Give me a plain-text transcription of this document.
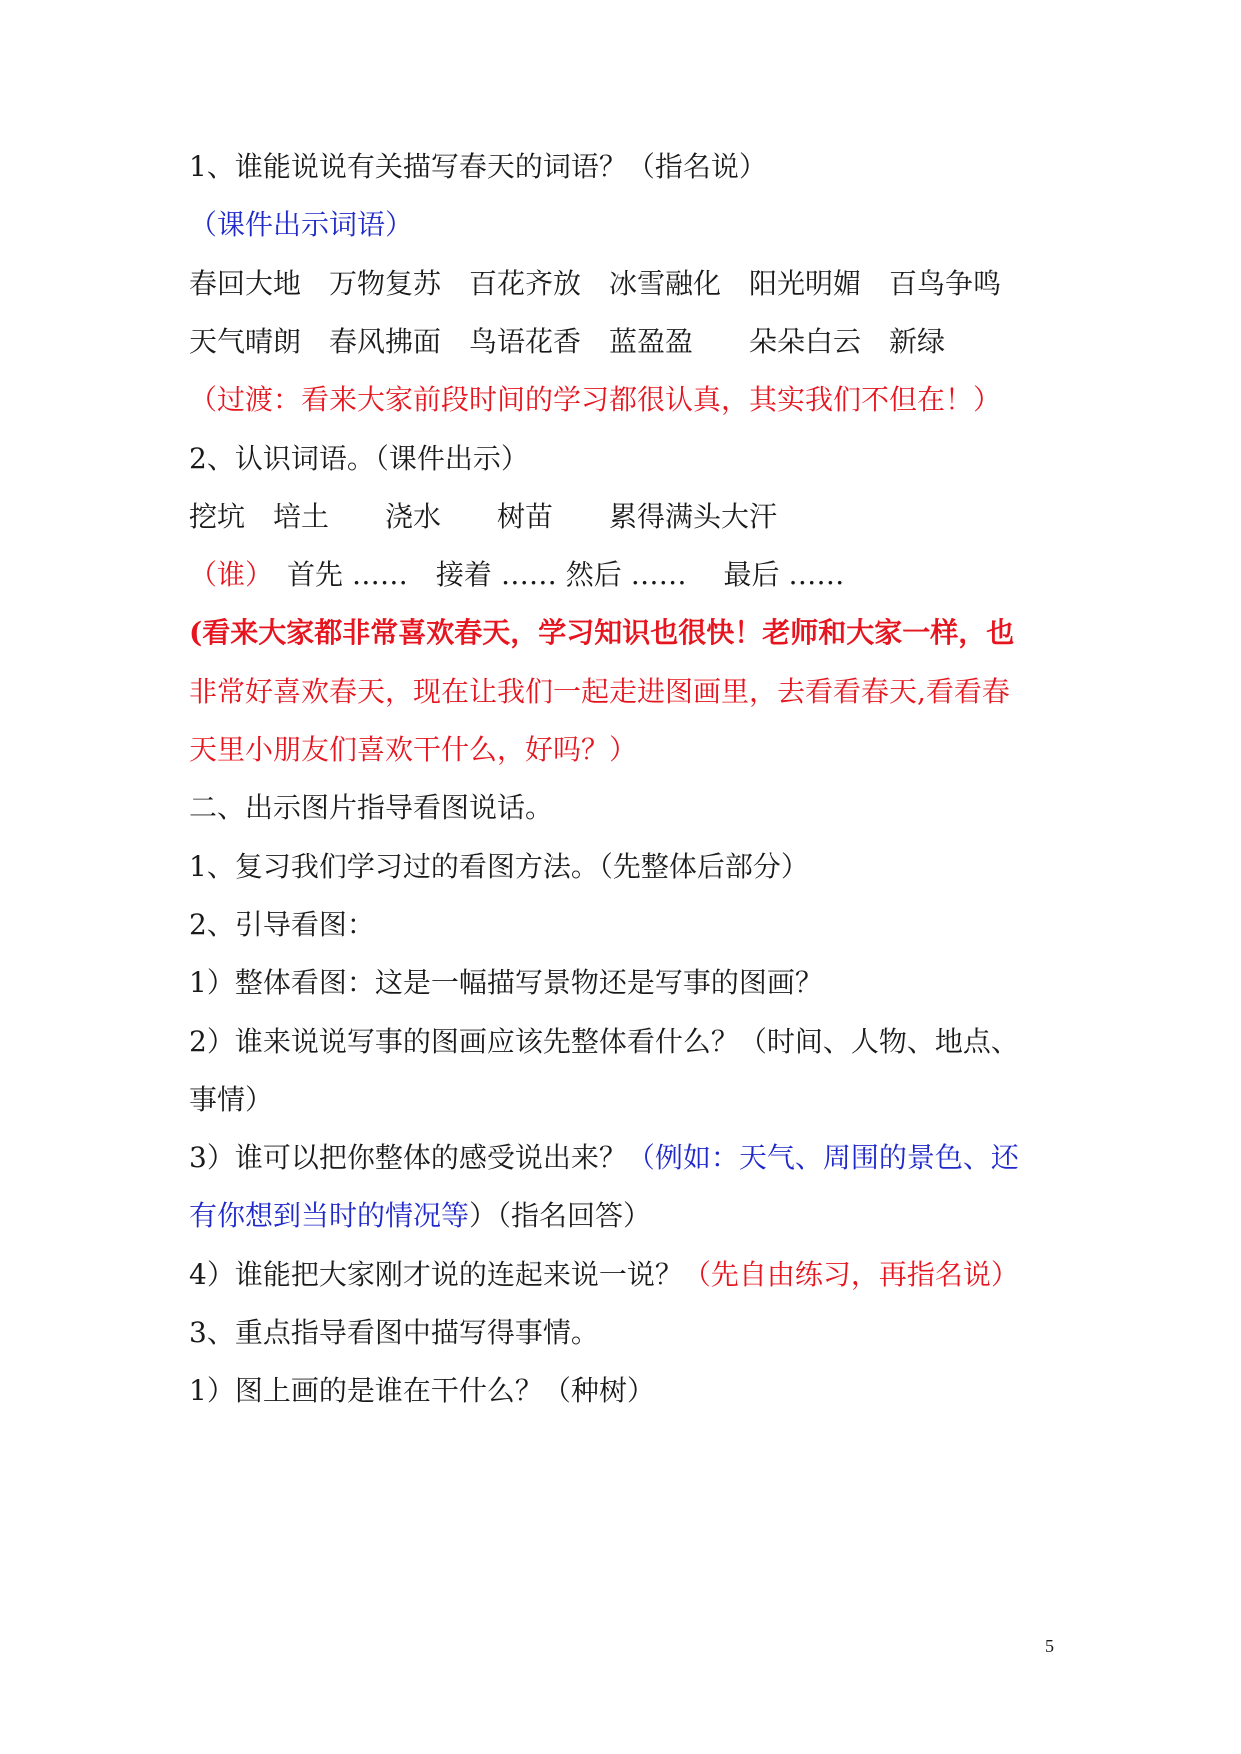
1、谁能说说有关描写春天的词语？（指名说）
（课件出示词语）
春回大地　万物复苏　百花齐放　冰雪融化　阳光明媚　百鸟争鸣
天气晴朗　春风拂面　鸟语花香　蓝盈盈　　朵朵白云　新绿
（过渡：看来大家前段时间的学习都很认真，其实我们不但在！）
2、认识词语。（课件出示）
挖坑　培土　　浇水　　树苗　　累得满头大汗
（谁）　首先 ……　接着 …… 然后 ……　 最后 ……
(看来大家都非常喜欢春天，学习知识也很快！老师和大家一样，也
非常好喜欢春天，现在让我们一起走进图画里，去看看春天,看看春
天里小朋友们喜欢干什么，好吗？）
二、出示图片指导看图说话。
1、复习我们学习过的看图方法。（先整体后部分）
2、引导看图：
1）整体看图：这是一幅描写景物还是写事的图画？
2）谁来说说写事的图画应该先整体看什么？（时间、人物、地点、
事情）
3）谁可以把你整体的感受说出来？（例如：天气、周围的景色、还
有你想到当时的情况等）（指名回答）
4）谁能把大家刚才说的连起来说一说？（先自由练习，再指名说）
3、重点指导看图中描写得事情。
1）图上画的是谁在干什么？（种树）
5
